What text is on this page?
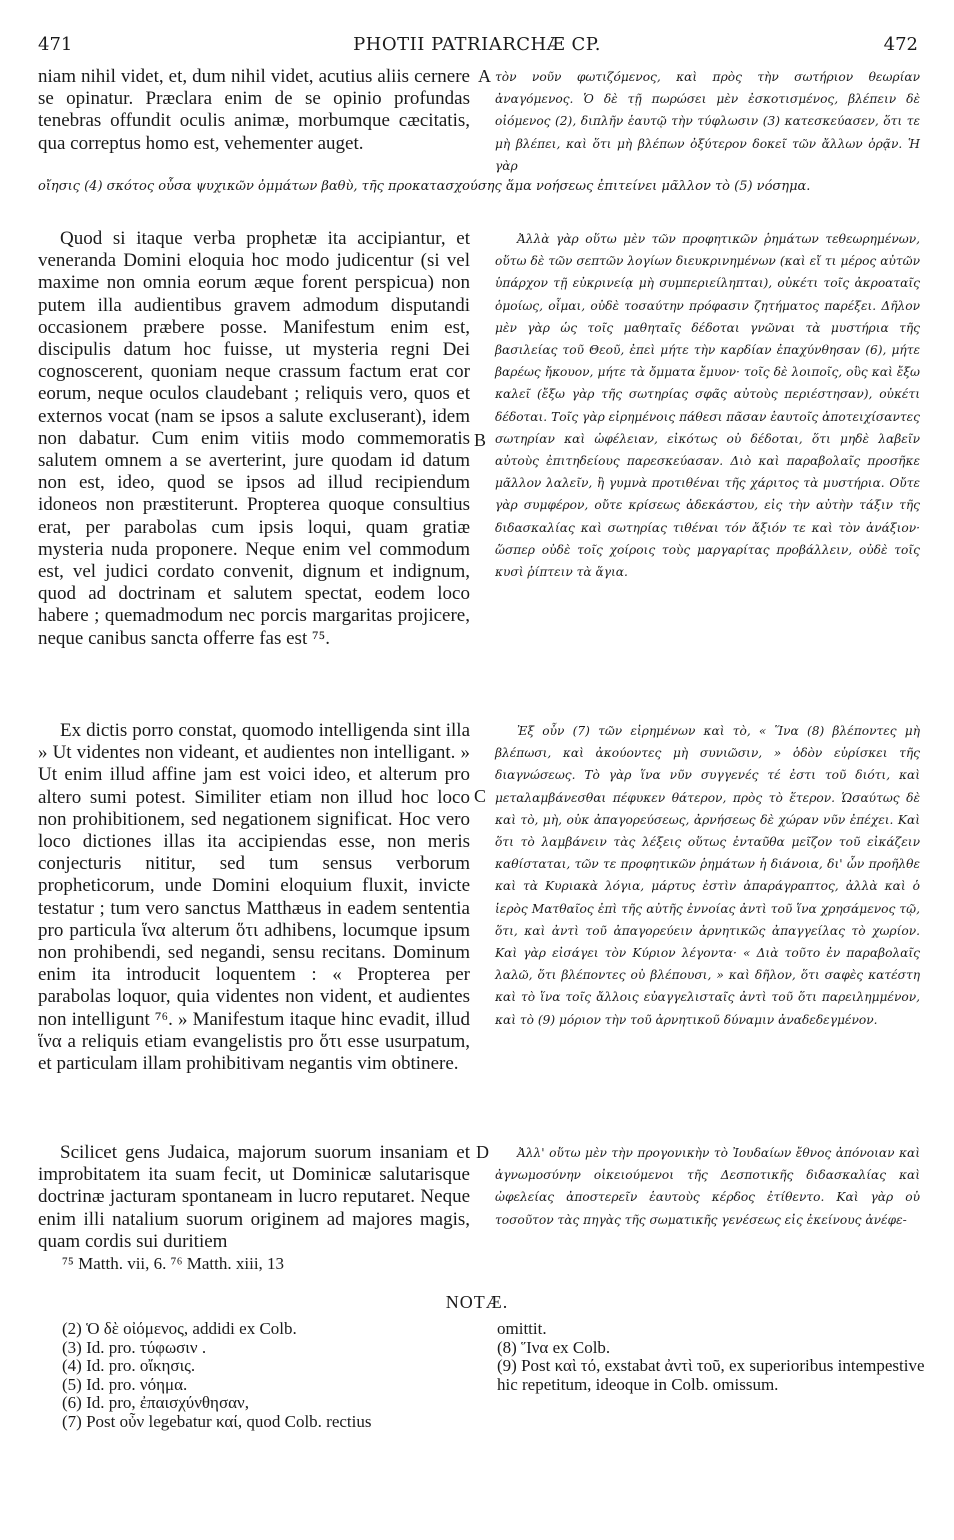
471	PHOTII PATRIARCHÆ CP.	472

niam nihil videt, et, dum nihil videt, acutius aliis cernere se opinatur. Præclara enim de se opinio profundas tenebras offundit oculis animæ, morbumque cæcitatis, qua correptus homo est, vehementer auget.

A τὸν νοῦν φωτιζόμενος, καὶ πρὸς τὴν σωτήριον θεωρίαν ἀναγόμενος. Ὁ δὲ τῇ πωρώσει μὲν ἐσκοτισμένος, βλέπειν δὲ οἰόμενος (2), διπλῆν ἑαυτῷ τὴν τύφλωσιν (3) κατεσκεύασεν, ὅτι τε μὴ βλέπει, καὶ ὅτι μὴ βλέπων ὀξύτερον δοκεῖ τῶν ἄλλων ὁρᾷν. Ἡ γὰρ

οἴησις (4) σκότος οὖσα ψυχικῶν ὀμμάτων βαθὺ, τῆς προκατασχούσης ἅμα νοήσεως ἐπιτείνει μᾶλλον τὸ (5) νόσημα.

Quod si itaque verba prophetæ ita accipiantur, et veneranda Domini eloquia hoc modo judicentur (si vel maxime non omnia eorum æque forent perspicua) non putem illa audientibus gravem admodum disputandi occasionem præbere posse. Manifestum enim est, discipulis datum hoc fuisse, ut mysteria regni Dei cognoscerent, quoniam neque crassum factum erat cor eorum, neque oculos claudebant ; reliquis vero, quos et externos vocat (nam se ipsos a salute excluserant), idem non dabatur. Cum enim vitiis modo commemoratis salutem omnem a se averterint, jure quodam id datum non est, ideo, quod se ipsos ad illud recipiendum idoneos non præstiterunt. Propterea quoque consultius erat, per parabolas cum ipsis loqui, quam gratiæ mysteria nuda proponere. Neque enim vel commodum est, vel judici cordato convenit, dignum et indignum, quod ad doctrinam et salutem spectat, eodem loco habere ; quemadmodum nec porcis margaritas projicere, neque canibus sancta offerre fas est ⁷⁵.

B

Ἀλλὰ γὰρ οὕτω μὲν τῶν προφητικῶν ῥημάτων τεθεωρημένων, οὕτω δὲ τῶν σεπτῶν λογίων διευκρινημένων (καὶ εἴ τι μέρος αὐτῶν ὑπάρχον τῇ εὐκρινείᾳ μὴ συμπεριείληπται), οὐκέτι τοῖς ἀκροαταῖς ὁμοίως, οἶμαι, οὐδὲ τοσαύτην πρόφασιν ζητήματος παρέξει. Δῆλον μὲν γὰρ ὡς τοῖς μαθηταῖς δέδοται γνῶναι τὰ μυστήρια τῆς βασιλείας τοῦ Θεοῦ, ἐπεὶ μήτε τὴν καρδίαν ἐπαχύνθησαν (6), μήτε βαρέως ἤκουον, μήτε τὰ ὄμματα ἔμυον· τοῖς δὲ λοιποῖς, οὓς καὶ ἔξω καλεῖ (ἔξω γὰρ τῆς σωτηρίας σφᾶς αὐτοὺς περιέστησαν), οὐκέτι δέδοται. Τοῖς γὰρ εἰρημένοις πάθεσι πᾶσαν ἑαυτοῖς ἀποτειχίσαντες σωτηρίαν καὶ ὠφέλειαν, εἰκότως οὐ δέδοται, ὅτι μηδὲ λαβεῖν αὐτοὺς ἐπιτηδείους παρεσκεύασαν. Διὸ καὶ παραβολαῖς προσῆκε μᾶλλον λαλεῖν, ἢ γυμνὰ προτιθέναι τῆς χάριτος τὰ μυστήρια. Οὔτε γὰρ συμφέρον, οὔτε κρίσεως ἀδεκάστου, εἰς τὴν αὐτὴν τάξιν τῆς διδασκαλίας καὶ σωτηρίας τιθέναι τόν ἄξιόν τε καὶ τὸν ἀνάξιον· ὥσπερ οὐδὲ τοῖς χοίροις τοὺς μαργαρίτας προβάλλειν, οὐδὲ τοῖς κυσὶ ῥίπτειν τὰ ἅγια.

Ex dictis porro constat, quomodo intelligenda sint illa » Ut videntes non videant, et audientes non intelligant. » Ut enim illud affine jam est voici ideo, et alterum pro altero sumi potest. Similiter etiam non illud hoc loco non prohibitionem, sed negationem significat. Hoc vero loco dictiones illas ita accipiendas esse, non meris conjecturis nititur, sed tum sensus verborum propheticorum, unde Domini eloquium fluxit, invicte testatur ; tum vero sanctus Matthæus in eadem sententia pro particula ἵνα alterum ὅτι adhibens, locumque ipsum non prohibendi, sed negandi, sensu recitans. Dominum enim ita introducit loquentem : « Propterea per parabolas loquor, quia videntes non vident, et audientes non intelligunt ⁷⁶. » Manifestum itaque hinc evadit, illud ἵνα a reliquis etiam evangelistis pro ὅτι esse usurpatum, et particulam illam prohibitivam negantis vim obtinere.

C

Ἐξ οὖν (7) τῶν εἰρημένων καὶ τὸ, « Ἵνα (8) βλέποντες μὴ βλέπωσι, καὶ ἀκούοντες μὴ συνιῶσιν, » ὁδὸν εὑρίσκει τῆς διαγνώσεως. Τὸ γὰρ ἵνα νῦν συγγενές τέ ἐστι τοῦ διότι, καὶ μεταλαμβάνεσθαι πέφυκεν θάτερον, πρὸς τὸ ἕτερον. Ὡσαύτως δὲ καὶ τὸ, μὴ, οὐκ ἀπαγορεύσεως, ἀρνήσεως δὲ χώραν νῦν ἐπέχει. Καὶ ὅτι τὸ λαμβάνειν τὰς λέξεις οὕτως ἐνταῦθα μεῖζον τοῦ εἰκάζειν καθίσταται, τῶν τε προφητικῶν ῥημάτων ἡ διάνοια, δι' ὧν προῆλθε καὶ τὰ Κυριακὰ λόγια, μάρτυς ἐστὶν ἀπαράγραπτος, ἀλλὰ καὶ ὁ ἱερὸς Ματθαῖος ἐπὶ τῆς αὐτῆς ἐννοίας ἀντὶ τοῦ ἵνα χρησάμενος τῷ, ὅτι, καὶ ἀντὶ τοῦ ἀπαγορεύειν ἀρνητικῶς ἀπαγγείλας τὸ χωρίον. Καὶ γὰρ εἰσάγει τὸν Κύριον λέγοντα· « Διὰ τοῦτο ἐν παραβολαῖς λαλῶ, ὅτι βλέποντες οὐ βλέπουσι, » καὶ δῆλον, ὅτι σαφὲς κατέστη καὶ τὸ ἵνα τοῖς ἄλλοις εὐαγγελισταῖς ἀντὶ τοῦ ὅτι παρειλημμένον, καὶ τὸ (9) μόριον τὴν τοῦ ἀρνητικοῦ δύναμιν ἀναδεδεγμένον.

Scilicet gens Judaica, majorum suorum insaniam et improbitatem ita suam fecit, ut Dominicæ salutarisque doctrinæ jacturam spontaneam in lucro reputaret. Neque enim illi natalium suorum originem ad majores magis, quam cordis sui duritiem

D	Ἀλλ' οὕτω μὲν τὴν προγονικὴν τὸ Ἰουδαίων ἔθνος ἀπόνοιαν καὶ ἀγνωμοσύνην οἰκειούμενοι τῆς Δεσποτικῆς διδασκαλίας καὶ ὠφελείας ἀποστερεῖν ἑαυτοὺς κέρδος ἐτίθεντο. Καὶ γὰρ οὐ τοσοῦτον τὰς πηγὰς τῆς σωματικῆς γενέσεως εἰς ἐκείνους ἀνέφε-

⁷⁵ Matth. vii, 6. ⁷⁶ Matth. xiii, 13
NOTÆ.
(2) Ὁ δὲ οἰόμενος, addidi ex Colb.
(3) Id. pro. τύφωσιν .
(4) Id. pro. οἴκησις.
(5) Id. pro. νόημα.
(6) Id. pro, ἐπαισχύνθησαν,
(7) Post οὖν legebatur καί, quod Colb. rectius
omittit.
(8) Ἵνα ex Colb.
(9) Post καὶ τό, exstabat ἀντὶ τοῦ, ex superioribus intempestive hic repetitum, ideoque in Colb. omissum.
